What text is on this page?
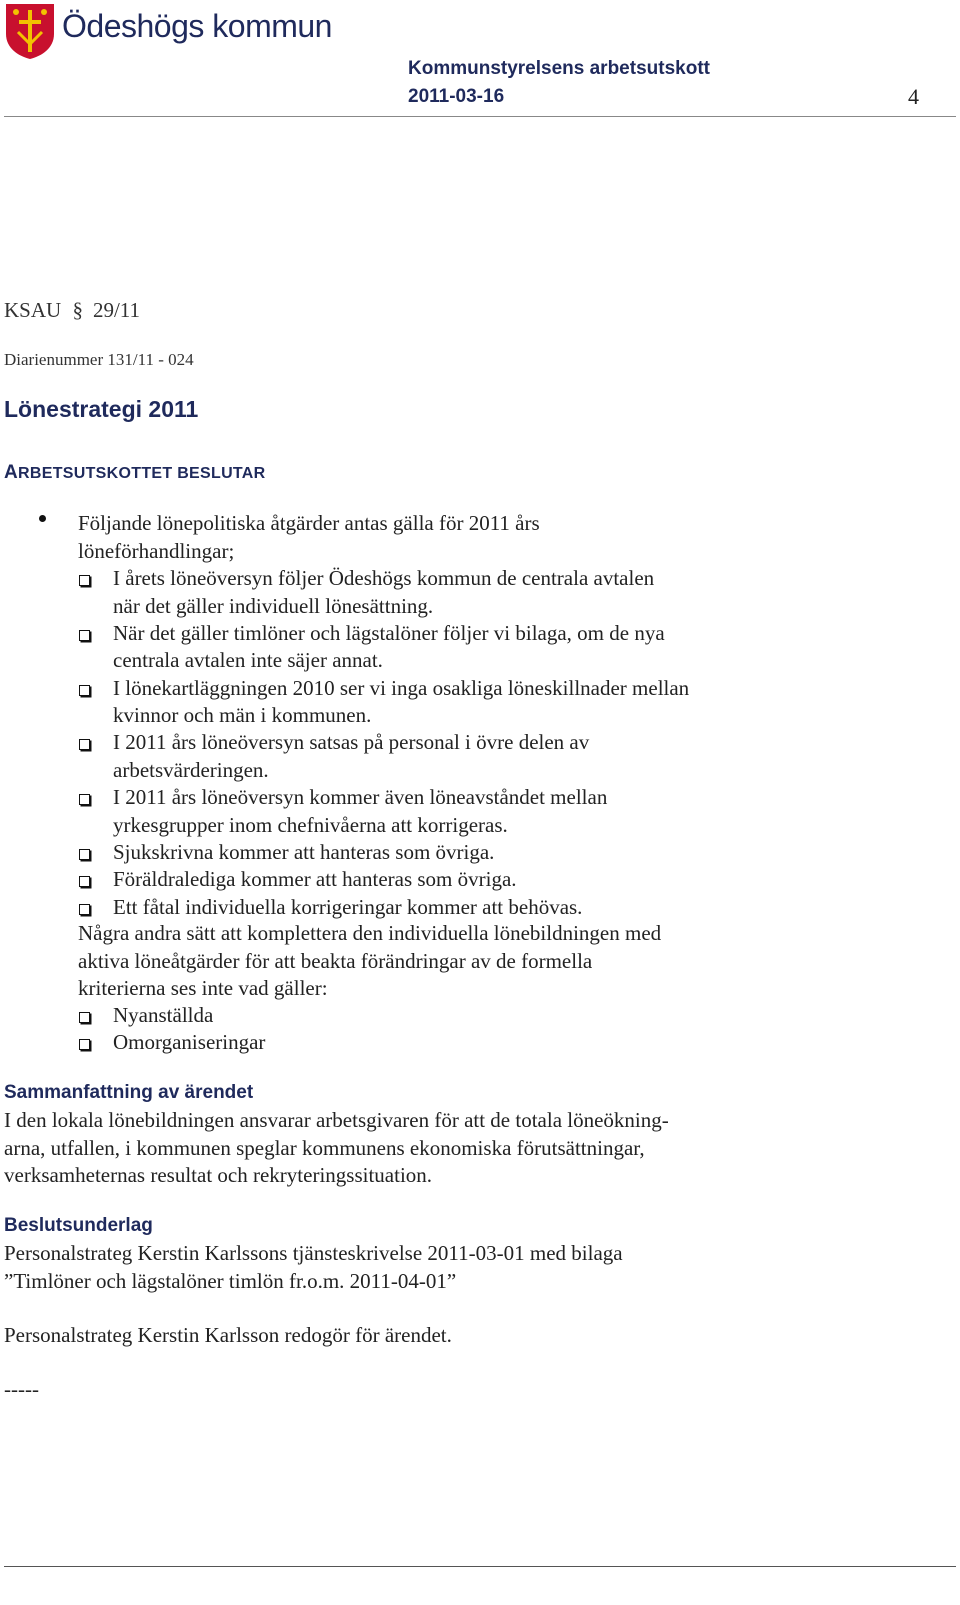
Ödeshögs kommun
Kommunstyrelsens arbetsutskott
2011-03-16	4
KSAU § 29/11
Diarienummer 131/11 - 024
Lönestrategi 2011
ARBETSUTSKOTTET BESLUTAR
Följande lönepolitiska åtgärder antas gälla för 2011 års
löneförhandlingar;
I årets löneöversyn följer Ödeshögs kommun de centrala avtalen
när det gäller individuell lönesättning.
När det gäller timlöner och lägstalöner följer vi bilaga, om de nya
centrala avtalen inte säjer annat.
I lönekartläggningen 2010 ser vi inga osakliga löneskillnader mellan
kvinnor och män i kommunen.
I 2011 års löneöversyn satsas på personal i övre delen av
arbetsvärderingen.
I 2011 års löneöversyn kommer även löneavståndet mellan
yrkesgrupper inom chefnivåerna att korrigeras.
Sjukskrivna kommer att hanteras som övriga.
Föräldralediga kommer att hanteras som övriga.
Ett fåtal individuella korrigeringar kommer att behövas.
Några andra sätt att komplettera den individuella lönebildningen med
aktiva löneåtgärder för att beakta förändringar av de formella
kriterierna ses inte vad gäller:
Nyanställda
Omorganiseringar
Sammanfattning av ärendet
I den lokala lönebildningen ansvarar arbetsgivaren för att de totala löneökning-
arna, utfallen, i kommunen speglar kommunens ekonomiska förutsättningar,
verksamheternas resultat och rekryteringssituation.
Beslutsunderlag
Personalstrateg Kerstin Karlssons tjänsteskrivelse 2011-03-01 med bilaga
”Timlöner och lägstalöner timlön fr.o.m. 2011-04-01”
Personalstrateg Kerstin Karlsson redogör för ärendet.
-----
